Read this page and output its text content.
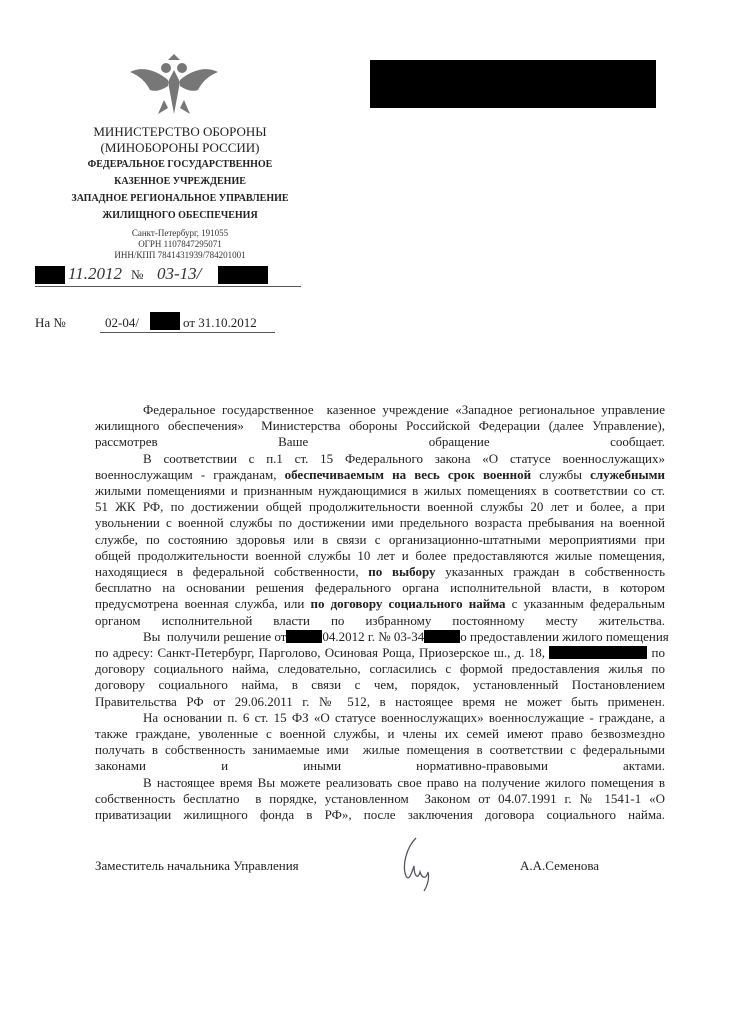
МИНИСТЕРСТВО ОБОРОНЫ
(МИНОБОРОНЫ РОССИИ)
ФЕДЕРАЛЬНОЕ ГОСУДАРСТВЕННОЕ
КАЗЕННОЕ УЧРЕЖДЕНИЕ
ЗАПАДНОЕ РЕГИОНАЛЬНОЕ УПРАВЛЕНИЕ
ЖИЛИЩНОГО ОБЕСПЕЧЕНИЯ
Санкт-Петербург, 191055
ОГРН 1107847295071
ИНН/КПП 7841431939/784201001
11.2012 № 03-13/
На №	02-04/	от 31.10.2012
Федеральное государственное  казенное учреждение «Западное региональное управление
жилищного обеспечения»  Министерства обороны Российской Федерации (далее Управление),
рассмотрев Ваше обращение сообщает.
В соответствии с п.1 ст. 15 Федерального закона «О статусе военнослужащих»
военнослужащим - гражданам, обеспечиваемым на весь срок военной службы служебными
жилыми помещениями и признанным нуждающимися в жилых помещениях в соответствии со ст.
51 ЖК РФ, по достижении общей продолжительности военной службы 20 лет и более, а при
увольнении с военной службы по достижении ими предельного возраста пребывания на военной
службе, по состоянию здоровья или в связи с организационно-штатными мероприятиями при
общей продолжительности военной службы 10 лет и более предоставляются жилые помещения,
находящиеся в федеральной собственности, по выбору указанных граждан в собственность
бесплатно на основании решения федерального органа исполнительной власти, в котором
предусмотрена военная служба, или по договору социального найма с указанным федеральным
органом исполнительной власти по избранному постоянному месту жительства.
Вы  получили решение от	04.2012 г. № 03-34	о предоставлении жилого помещения
по адресу: Санкт-Петербург, Парголово, Осиновая Роща, Приозерское ш., д. 18,	по
договору социального найма, следовательно, согласились с формой предоставления жилья по
договору социального найма, в связи с чем, порядок, установленный Постановлением
Правительства РФ от 29.06.2011 г. № 512, в настоящее время не может быть применен.
На основании п. 6 ст. 15 ФЗ «О статусе военнослужащих» военнослужащие - граждане, а
также граждане, уволенные с военной службы, и члены их семей имеют право безвозмездно
получать в собственность занимаемые ими  жилые помещения в соответствии с федеральными
законами и иными нормативно-правовыми актами.
В настоящее время Вы можете реализовать свое право на получение жилого помещения в
собственность бесплатно  в порядке, установленном  Законом от 04.07.1991 г. № 1541-1 «О
приватизации жилищного фонда в РФ», после заключения договора социального найма.
Заместитель начальника Управления	А.А.Семенова
